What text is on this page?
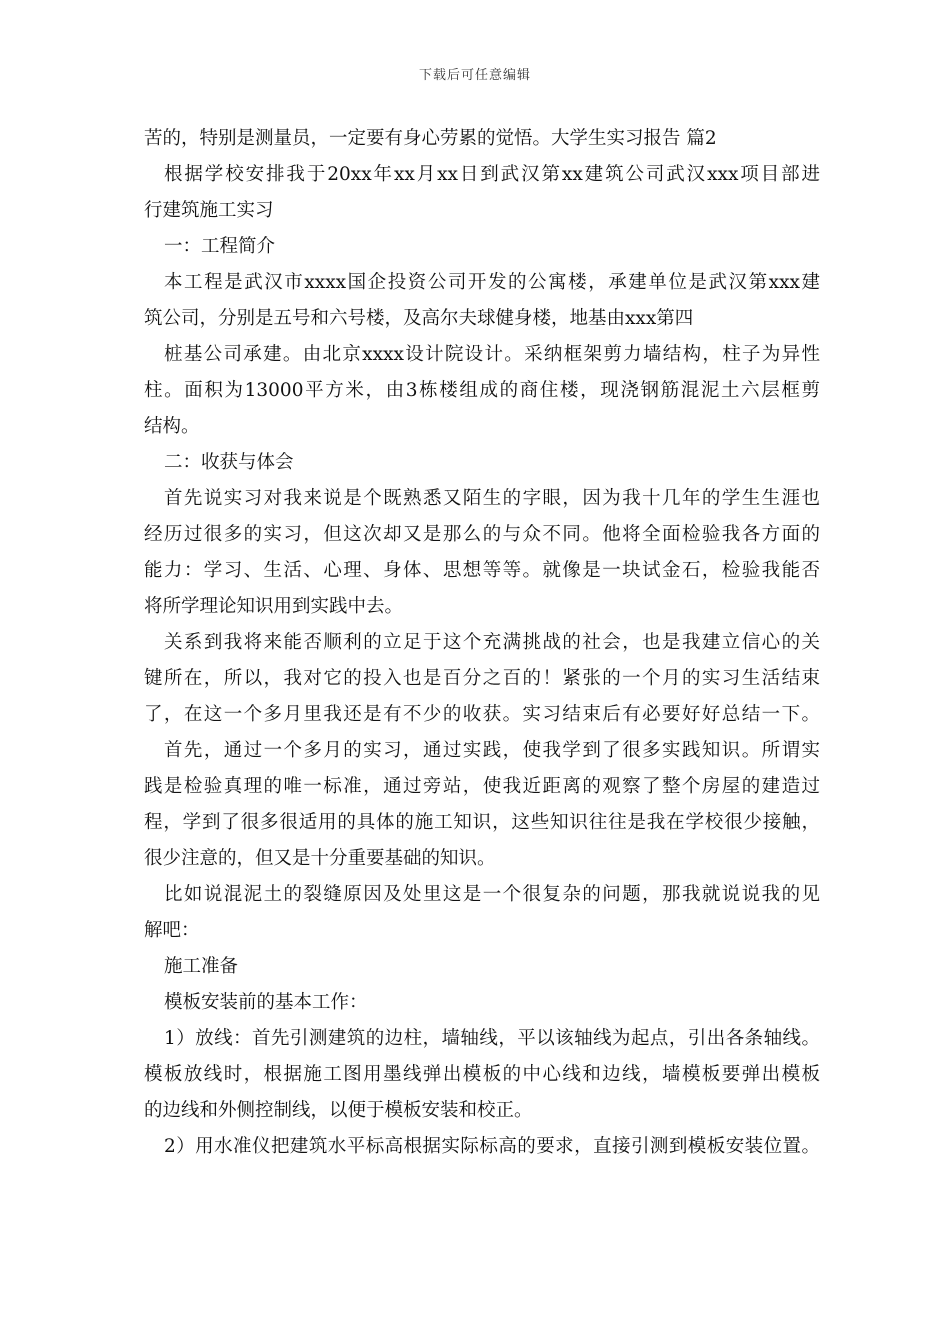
下载后可任意编辑
苦的，特别是测量员，一定要有身心劳累的觉悟。大学生实习报告 篇2
根据学校安排我于20xx年xx月xx日到武汉第xx建筑公司武汉xxx项目部进
行建筑施工实习
一：工程简介
本工程是武汉市xxxx国企投资公司开发的公寓楼，承建单位是武汉第xxx建
筑公司，分别是五号和六号楼，及高尔夫球健身楼，地基由xxx第四
桩基公司承建。由北京xxxx设计院设计。采纳框架剪力墙结构，柱子为异性
柱。面积为13000平方米，由3栋楼组成的商住楼，现浇钢筋混泥土六层框剪
结构。
二：收获与体会
首先说实习对我来说是个既熟悉又陌生的字眼，因为我十几年的学生生涯也
经历过很多的实习，但这次却又是那么的与众不同。他将全面检验我各方面的
能力：学习、生活、心理、身体、思想等等。就像是一块试金石，检验我能否
将所学理论知识用到实践中去。
关系到我将来能否顺利的立足于这个充满挑战的社会，也是我建立信心的关
键所在，所以，我对它的投入也是百分之百的！紧张的一个月的实习生活结束
了，在这一个多月里我还是有不少的收获。实习结束后有必要好好总结一下。
首先，通过一个多月的实习，通过实践，使我学到了很多实践知识。所谓实
践是检验真理的唯一标准，通过旁站，使我近距离的观察了整个房屋的建造过
程，学到了很多很适用的具体的施工知识，这些知识往往是我在学校很少接触，
很少注意的，但又是十分重要基础的知识。
比如说混泥土的裂缝原因及处里这是一个很复杂的问题，那我就说说我的见
解吧：
施工准备
模板安装前的基本工作：
1）放线：首先引测建筑的边柱，墙轴线，平以该轴线为起点，引出各条轴线。
模板放线时，根据施工图用墨线弹出模板的中心线和边线，墙模板要弹出模板
的边线和外侧控制线，以便于模板安装和校正。
2）用水准仪把建筑水平标高根据实际标高的要求，直接引测到模板安装位置。
